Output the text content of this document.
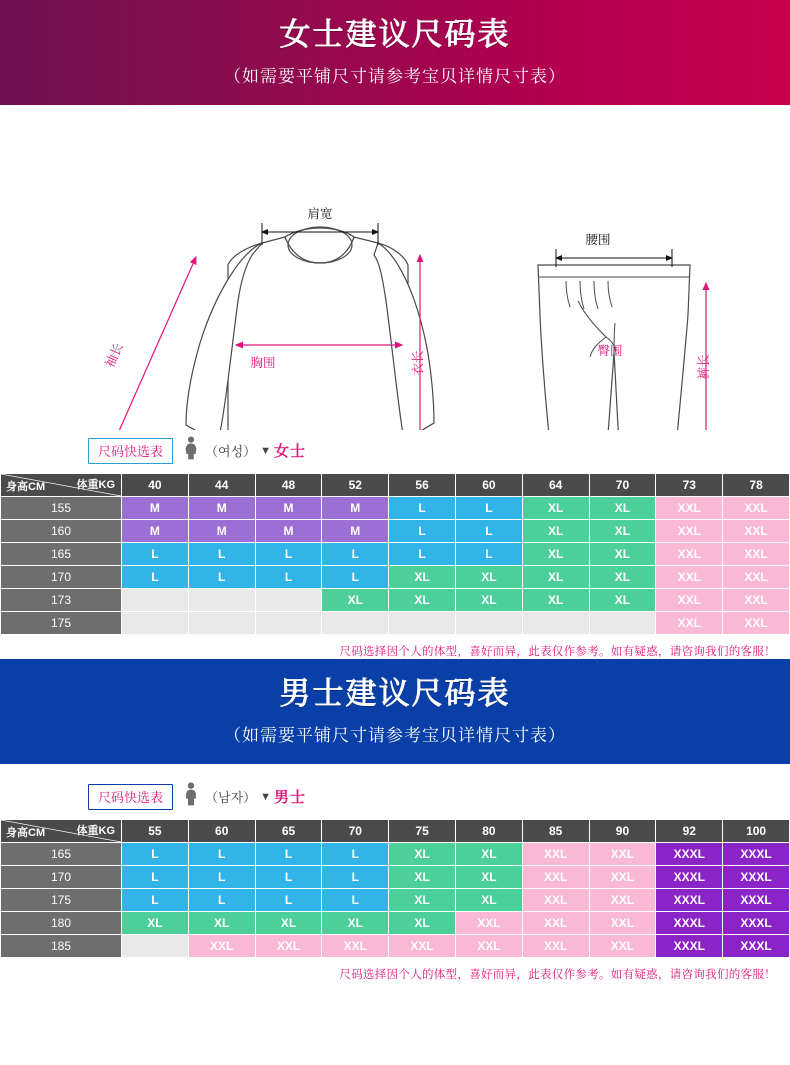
女士建议尺码表
（如需要平铺尺寸请参考宝贝详情尺寸表）
肩宽
胸围
袖长	衣长
腰围
臀围
裤长
尺码快选表	（여성） ▼ 女士
体重KG
身高CM	40	44	48	52	56	60	64	70	73	78
155	M	M	M	M	L	L	XL	XL	XXL	XXL
160	M	M	M	M	L	L	XL	XL	XXL	XXL
165	L	L	L	L	L	L	XL	XL	XXL	XXL
170	L	L	L	L	XL	XL	XL	XL	XXL	XXL
173				XL	XL	XL	XL	XL	XXL	XXL
175									XXL	XXL
尺码选择因个人的体型，喜好而异，此表仅作参考。如有疑惑，请咨询我们的客服！
男士建议尺码表
（如需要平铺尺寸请参考宝贝详情尺寸表）
尺码快选表	（남자） ▼ 男士
体重KG
身高CM	55	60	65	70	75	80	85	90	92	100
165	L	L	L	L	XL	XL	XXL	XXL	XXXL	XXXL
170	L	L	L	L	XL	XL	XXL	XXL	XXXL	XXXL
175	L	L	L	L	XL	XL	XXL	XXL	XXXL	XXXL
180	XL	XL	XL	XL	XL	XXL	XXL	XXL	XXXL	XXXL
185		XXL	XXL	XXL	XXL	XXL	XXL	XXL	XXXL	XXXL
尺码选择因个人的体型，喜好而异，此表仅作参考。如有疑惑，请咨询我们的客服！
